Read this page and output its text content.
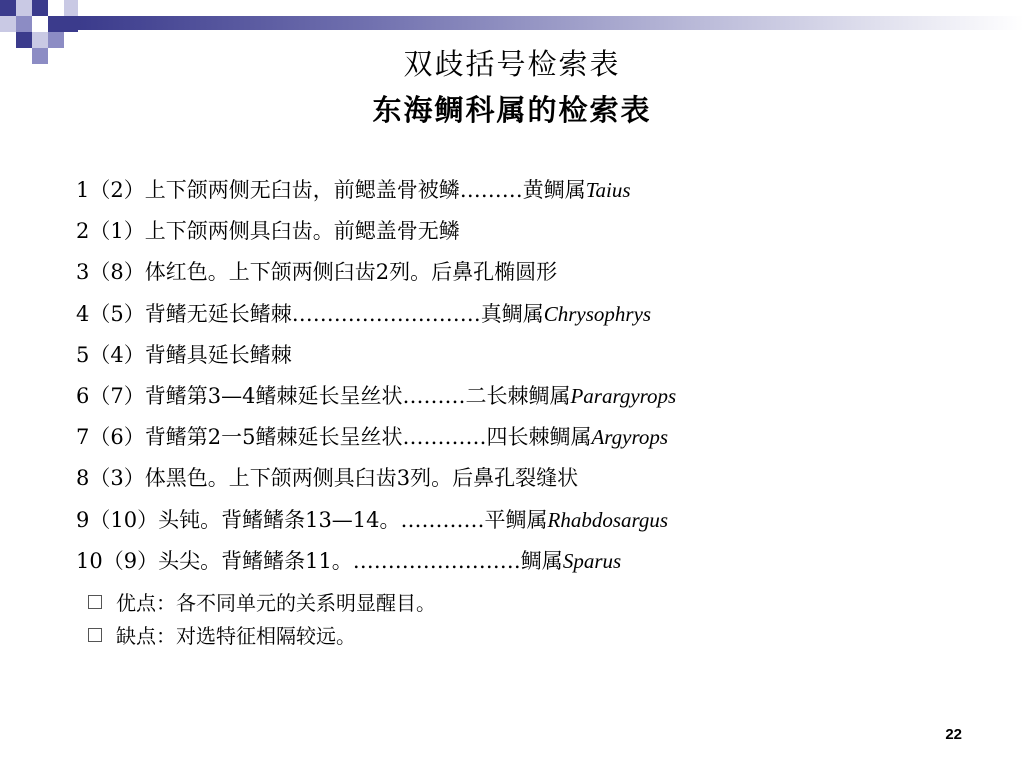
双歧括号检索表
东海鲷科属的检索表
1（2）上下颌两侧无臼齿，前鳃盖骨被鳞………黄鲷属Taius
2（1）上下颌两侧具臼齿。前鳃盖骨无鳞
3（8）体红色。上下颌两侧臼齿2列。后鼻孔椭圆形
4（5）背鳍无延长鳍棘………………………真鲷属Chrysophrys
5（4）背鳍具延长鳍棘
6（7）背鳍第3—4鳍棘延长呈丝状………二长棘鲷属Parargyrops
7（6）背鳍第2一5鳍棘延长呈丝状…………四长棘鲷属Argyrops
8（3）体黑色。上下颌两侧具臼齿3列。后鼻孔裂缝状
9（10）头钝。背鳍鳍条13—14。…………平鲷属Rhabdosargus
10（9）头尖。背鳍鳍条11。……………………鲷属Sparus
优点：各不同单元的关系明显醒目。
缺点：对选特征相隔较远。
22
